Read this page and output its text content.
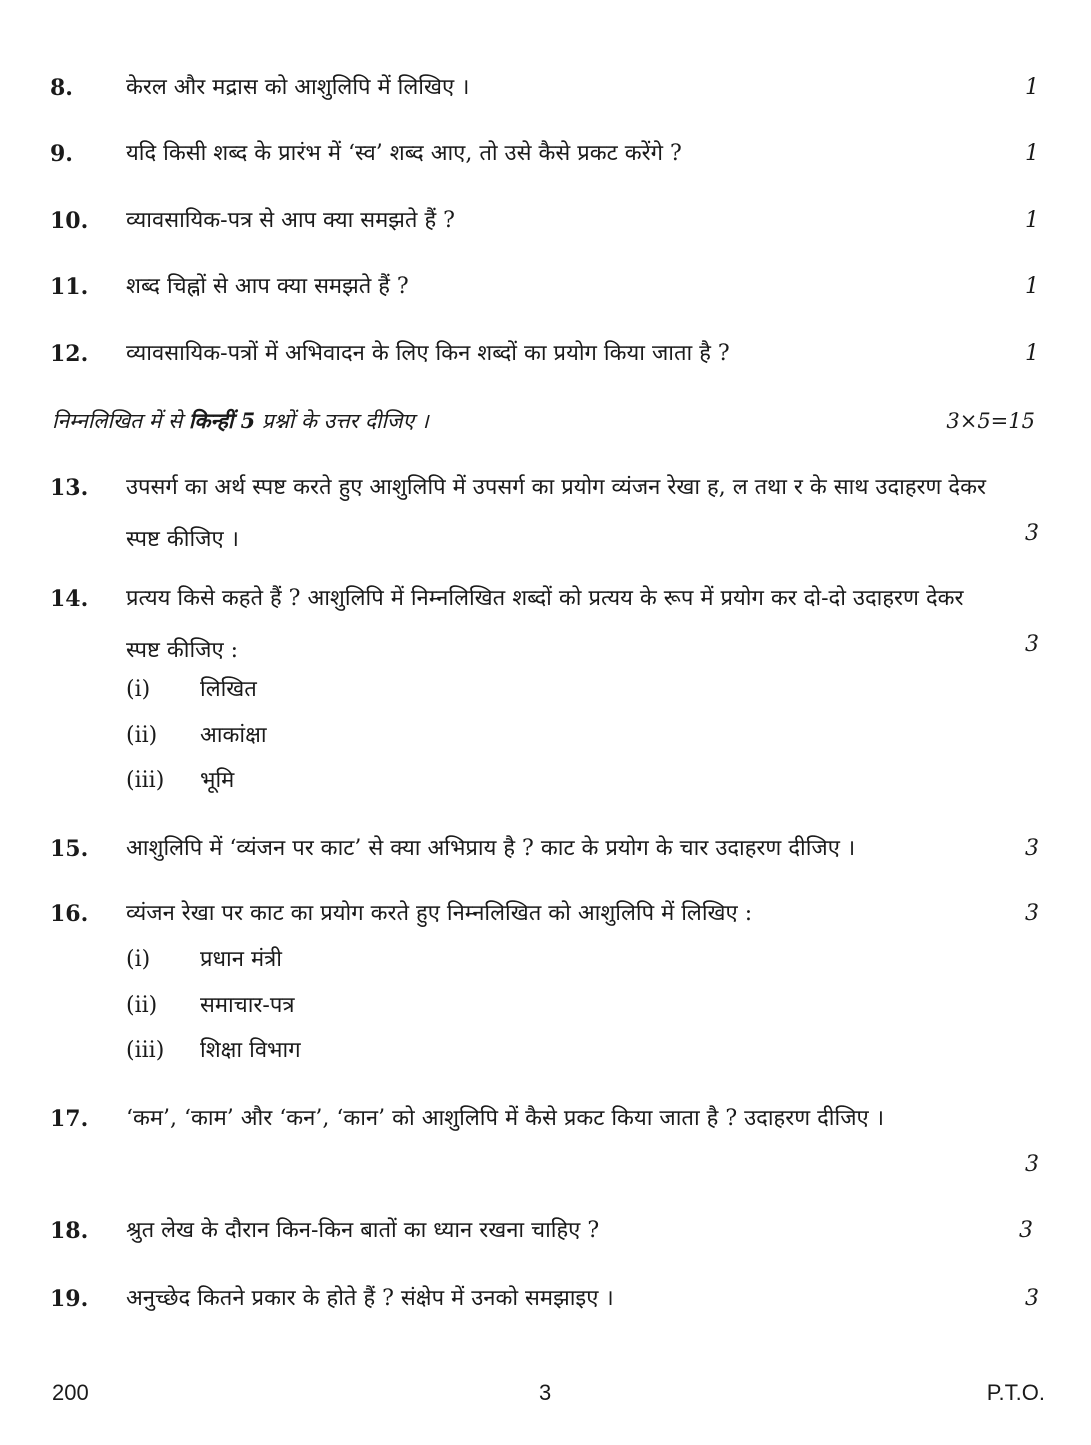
8.	केरल और मद्रास को आशुलिपि में लिखिए ।	1
9.	यदि किसी शब्द के प्रारंभ में ‘स्व’ शब्द आए, तो उसे कैसे प्रकट करेंगे ?	1
10.	व्यावसायिक-पत्र से आप क्या समझते हैं ?	1
11.	शब्द चिह्नों से आप क्या समझते हैं ?	1
12.	व्यावसायिक-पत्रों में अभिवादन के लिए किन शब्दों का प्रयोग किया जाता है ?	1
निम्नलिखित में से किन्हीं 5 प्रश्नों के उत्तर दीजिए ।	3×5=15
13.	उपसर्ग का अर्थ स्पष्ट करते हुए आशुलिपि में उपसर्ग का प्रयोग व्यंजन रेखा ह, ल तथा र के साथ उदाहरण देकर स्पष्ट कीजिए ।	3
14.	प्रत्यय किसे कहते हैं ? आशुलिपि में निम्नलिखित शब्दों को प्रत्यय के रूप में प्रयोग कर दो-दो उदाहरण देकर स्पष्ट कीजिए :	3
(i) लिखित
(ii) आकांक्षा
(iii) भूमि
15.	आशुलिपि में ‘व्यंजन पर काट’ से क्या अभिप्राय है ? काट के प्रयोग के चार उदाहरण दीजिए ।	3
16.	व्यंजन रेखा पर काट का प्रयोग करते हुए निम्नलिखित को आशुलिपि में लिखिए :	3
(i) प्रधान मंत्री
(ii) समाचार-पत्र
(iii) शिक्षा विभाग
17.	‘कम’, ‘काम’ और ‘कन’, ‘कान’ को आशुलिपि में कैसे प्रकट किया जाता है ? उदाहरण दीजिए ।
3
18.	श्रुत लेख के दौरान किन-किन बातों का ध्यान रखना चाहिए ?	3
19.	अनुच्छेद कितने प्रकार के होते हैं ? संक्षेप में उनको समझाइए ।	3
200	3	P.T.O.
